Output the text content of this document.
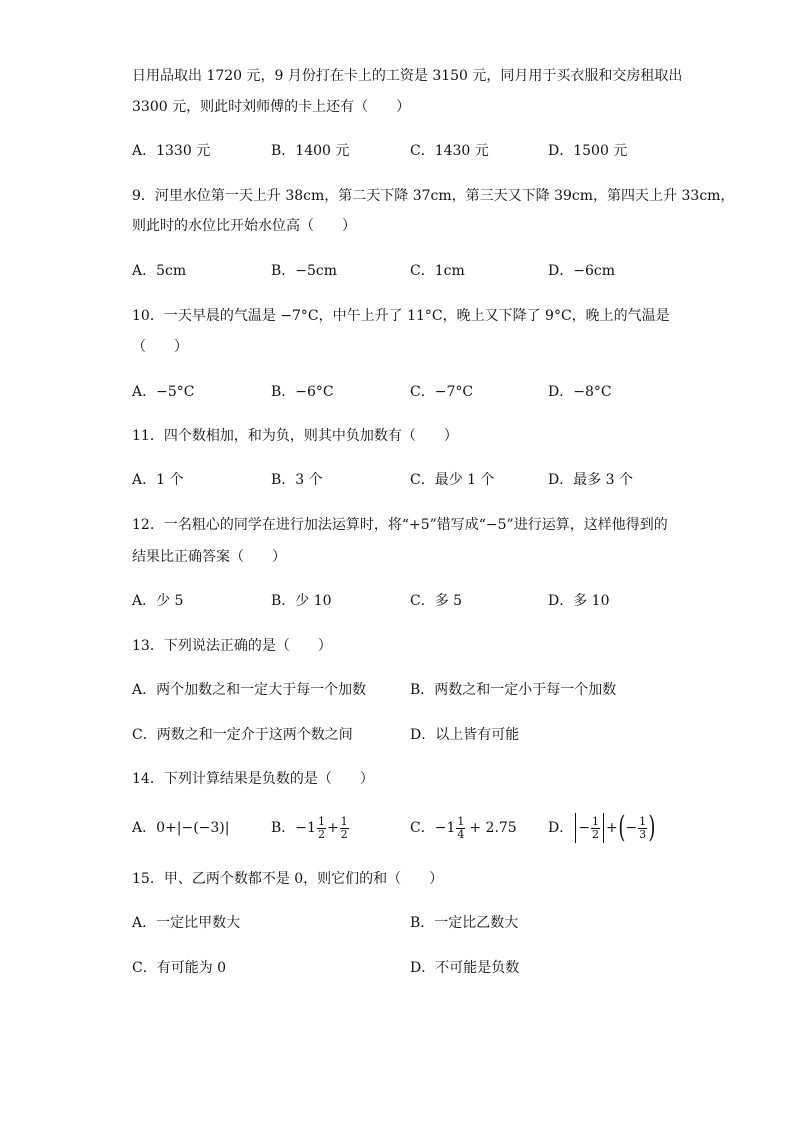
日用品取出 1720 元，9 月份打在卡上的工资是 3150 元，同月用于买衣服和交房租取出
3300 元，则此时刘师傅的卡上还有（　　）
A．1330 元	B．1400 元	C．1430 元	D．1500 元
9．河里水位第一天上升 38cm，第二天下降 37cm，第三天又下降 39cm，第四天上升 33cm，
则此时的水位比开始水位高（　　）
A．5cm	B．−5cm	C．1cm	D．−6cm
10．一天早晨的气温是 −7°C，中午上升了 11°C，晚上又下降了 9°C，晚上的气温是
（　　）
A．−5°C	B．−6°C	C．−7°C	D．−8°C
11．四个数相加，和为负，则其中负加数有（　　）
A．1 个	B．3 个	C．最少 1 个	D．最多 3 个
12．一名粗心的同学在进行加法运算时，将“+5”错写成“−5”进行运算，这样他得到的
结果比正确答案（　　）
A．少 5	B．少 10	C．多 5	D．多 10
13．下列说法正确的是（　　）
A．两个加数之和一定大于每一个加数	B．两数之和一定小于每一个加数
C．两数之和一定介于这两个数之间	D．以上皆有可能
14．下列计算结果是负数的是（　　）
A．0+|−(−3)|	B． $-1 \frac{1}{2} + \frac{1}{2}$	C． $-1 \frac{1}{4} + 2.75$ D． − $\frac{1}{2}$ + ( − $\frac{1}{3}$ )
15．甲、乙两个数都不是 0，则它们的和（　　）
A．一定比甲数大	B．一定比乙数大
C．有可能为 0	D．不可能是负数
